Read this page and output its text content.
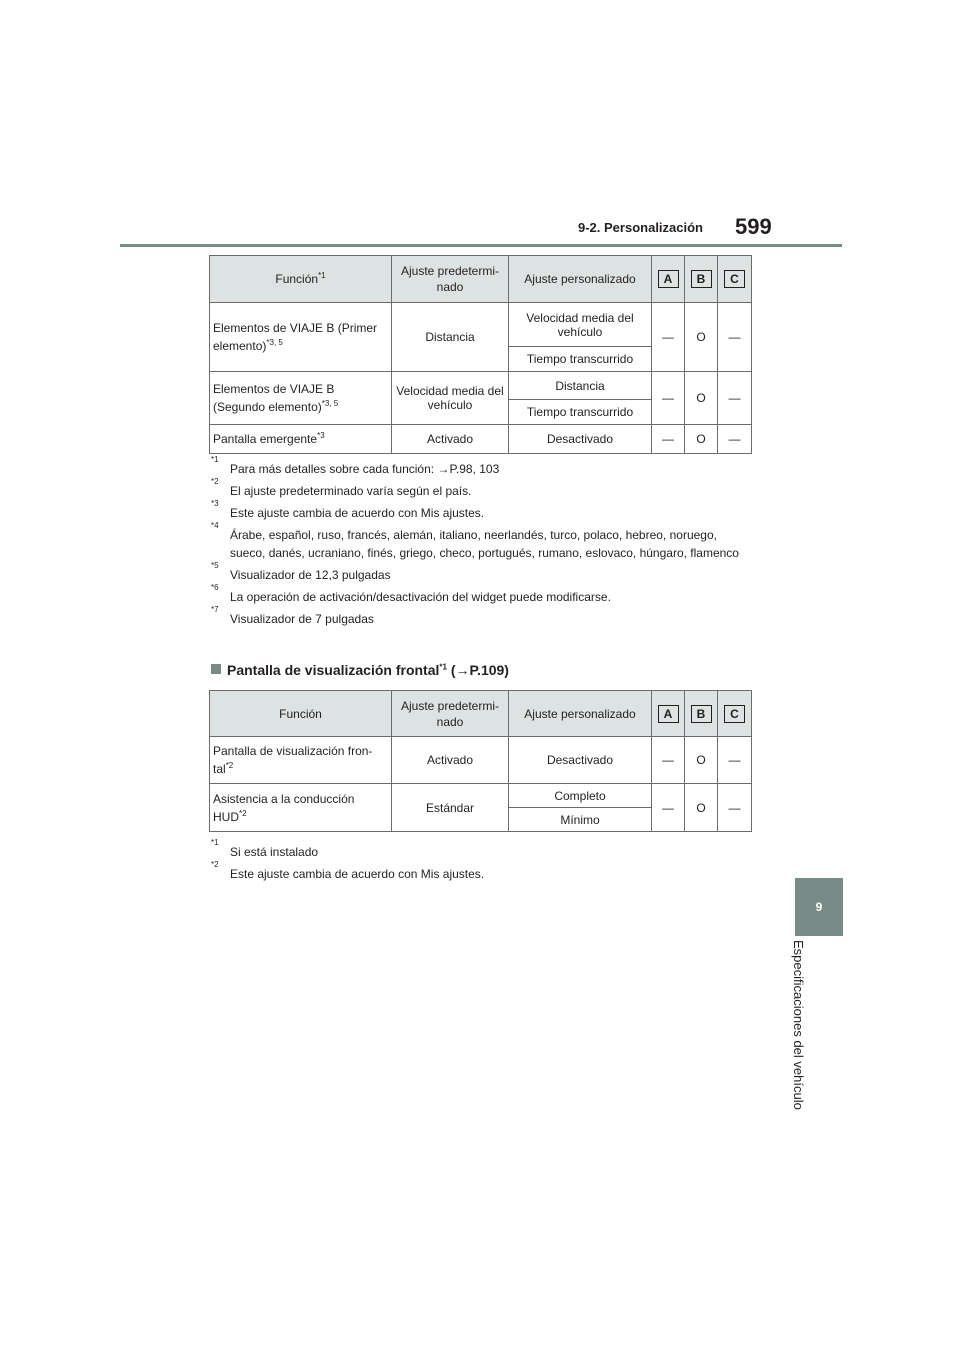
9-2. Personalización 599
9
Especificaciones del vehículo
Función$^{*1}$	Ajuste predetermi-nado	Ajuste personalizado	A	B	C
Elementos de VIAJE B (Primer elemento)$^{*3, 5}$	Distancia	Velocidad media del vehículo	—	O	—
		Tiempo transcurrido			
Elementos de VIAJE B (Segundo elemento)$^{*3, 5}$	Velocidad media del vehículo	Distancia	—	O	—
		Tiempo transcurrido			
Pantalla emergente$^{*3}$	Activado	Desactivado	—	O	—
*1
Para más detalles sobre cada función: →P.98, 103
*2
El ajuste predeterminado varía según el país.
*3
Este ajuste cambia de acuerdo con Mis ajustes.
*4
Árabe, español, ruso, francés, alemán, italiano, neerlandés, turco, polaco, hebreo, noruego, sueco, danés, ucraniano, finés, griego, checo, portugués, rumano, eslovaco, húngaro, flamenco
*5
Visualizador de 12,3 pulgadas
*6
La operación de activación/desactivación del widget puede modificarse.
*7
Visualizador de 7 pulgadas
Pantalla de visualización frontal$^{*1}$ (→P.109)
Función	Ajuste predetermi-nado	Ajuste personalizado	A	B	C
Pantalla de visualización fron-tal$^{*2}$	Activado	Desactivado	—	O	—
Asistencia a la conducción HUD$^{*2}$	Estándar	Completo	—	O	—
		Mínimo			
*1
Si está instalado
*2
Este ajuste cambia de acuerdo con Mis ajustes.
